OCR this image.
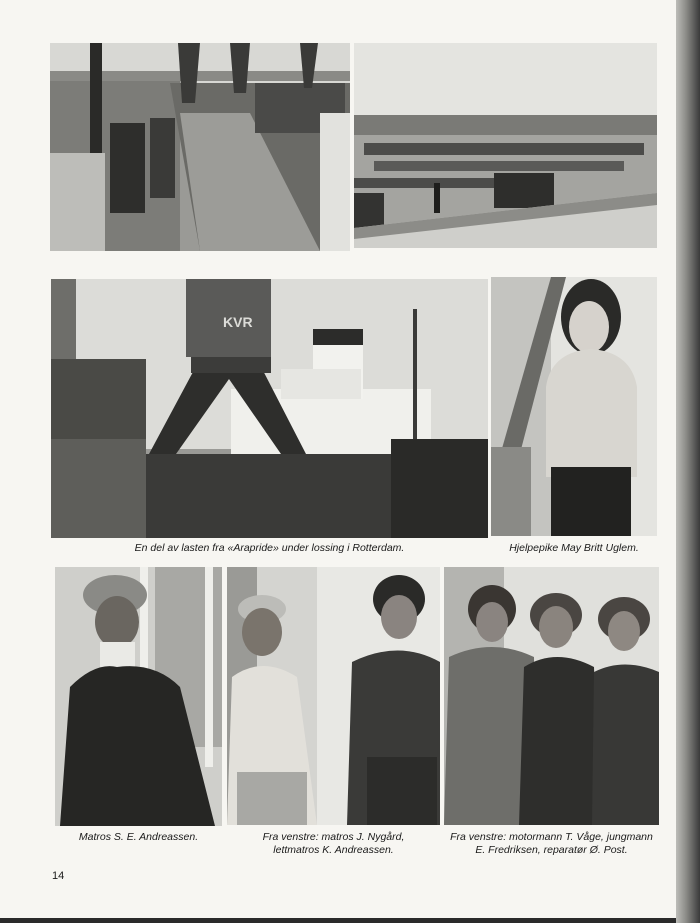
KVR
En del av lasten fra «Arapride» under lossing i Rotterdam.	Hjelpepike May Britt Uglem.
Matros S. E. Andreassen.	Fra venstre: matros J. Nygård,
lettmatros K. Andreassen.
Fra venstre: motormann T. Våge, jungmann
E. Fredriksen, reparatør Ø. Post.
14
